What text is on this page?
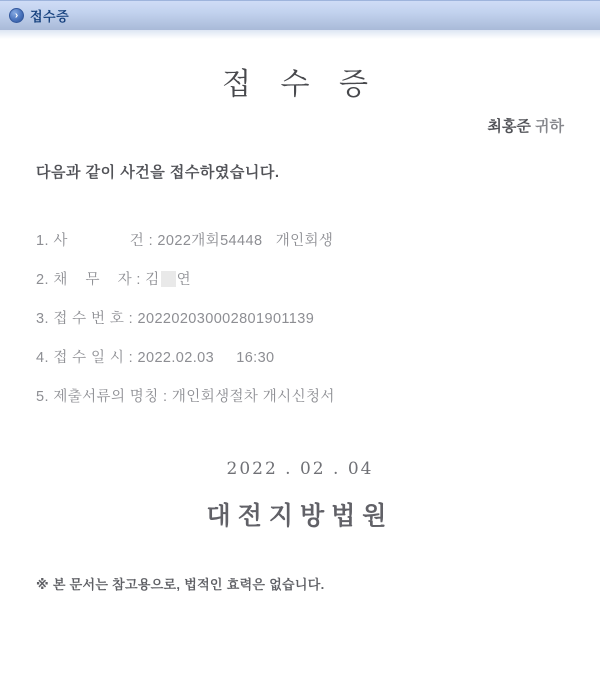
› 접수증
접 수 증
최홍준 귀하
다음과 같이 사건을 접수하였습니다.
1. 사              건 : 2022개회54448   개인회생
2. 채    무    자 : 김 연
3. 접 수 번 호 : 202202030002801901139
4. 접 수 일 시 : 2022.02.03     16:30
5. 제출서류의 명칭 : 개인회생절차 개시신청서
2022 . 02 . 04
대전지방법원
※ 본 문서는 참고용으로, 법적인 효력은 없습니다.
